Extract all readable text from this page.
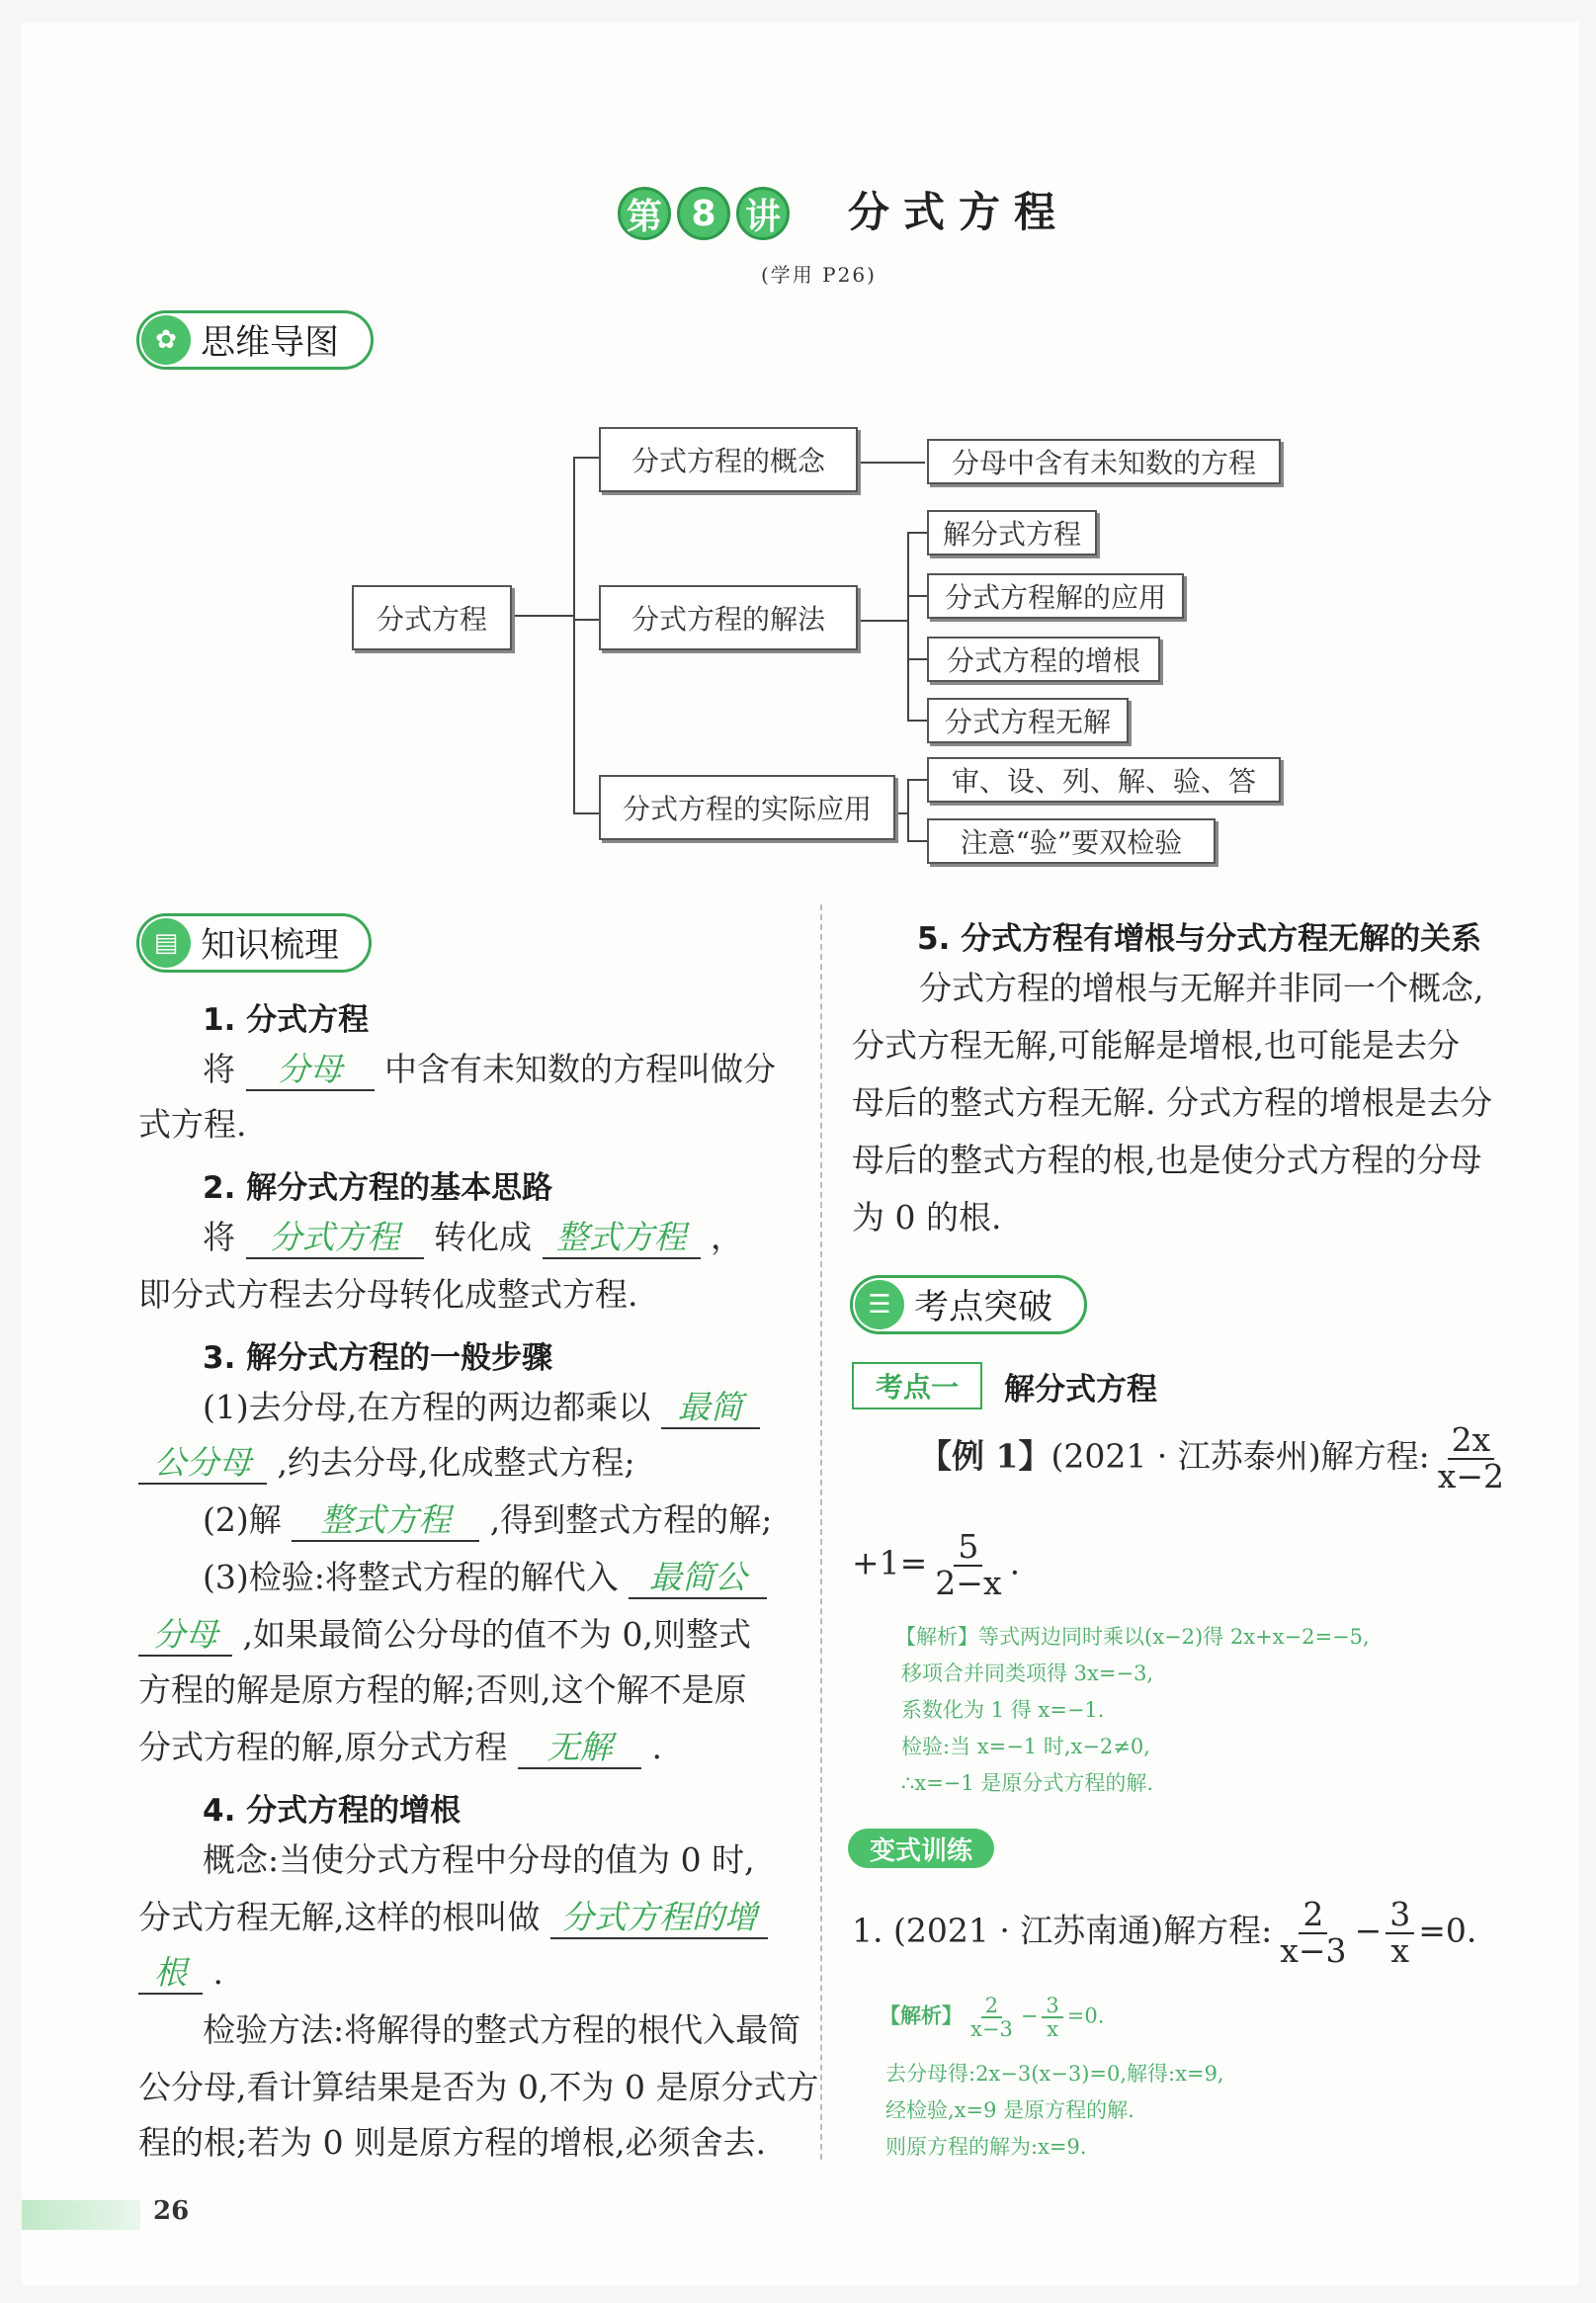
第 8 讲 分式方程
(学用 P26)
✿ 思维导图
分式方程
分式方程的概念	分母中含有未知数的方程
分式方程的解法
解分式方程
分式方程解的应用
分式方程的增根
分式方程无解
分式方程的实际应用
审、设、列、解、验、答
注意“验”要双检验
▤ 知识梳理
1. 分式方程
将 分母 中含有未知数的方程叫做分
式方程.
2. 解分式方程的基本思路
将 分式方程 转化成 整式方程 ，
即分式方程去分母转化成整式方程.
3. 解分式方程的一般步骤
(1)去分母,在方程的两边都乘以 最简
公分母 ,约去分母,化成整式方程;
(2)解 整式方程 ,得到整式方程的解;
(3)检验:将整式方程的解代入 最简公
分母 ,如果最简公分母的值不为 0,则整式
方程的解是原方程的解;否则,这个解不是原
分式方程的解,原分式方程 无解 .
4. 分式方程的增根
概念:当使分式方程中分母的值为 0 时,
分式方程无解,这样的根叫做 分式方程的增
根 .
检验方法:将解得的整式方程的根代入最简
公分母,看计算结果是否为 0,不为 0 是原分式方
程的根;若为 0 则是原方程的增根,必须舍去.
5. 分式方程有增根与分式方程无解的关系
分式方程的增根与无解并非同一个概念,
分式方程无解,可能解是增根,也可能是去分
母后的整式方程无解. 分式方程的增根是去分
母后的整式方程的根,也是使分式方程的分母
为 0 的根.
☰ 考点突破
考点一	解分式方程
【例 1】(2021 · 江苏泰州)解方程: $\frac{2x}{x-2}$
$+1= \frac{5}{2-x}$ .
【解析】等式两边同时乘以(x−2)得 2x+x−2=−5,
移项合并同类项得 3x=−3,
系数化为 1 得 x=−1.
检验:当 x=−1 时,x−2≠0,
∴x=−1 是原分式方程的解.
变式训练
1. (2021 · 江苏南通)解方程: $\frac{2}{x-3} - \frac{3}{x} =0$.
【解析】 $\frac{2}{x-3} - \frac{3}{x} =0$.
去分母得:2x−3(x−3)=0,解得:x=9,
经检验,x=9 是原方程的解.
则原方程的解为:x=9.
26
